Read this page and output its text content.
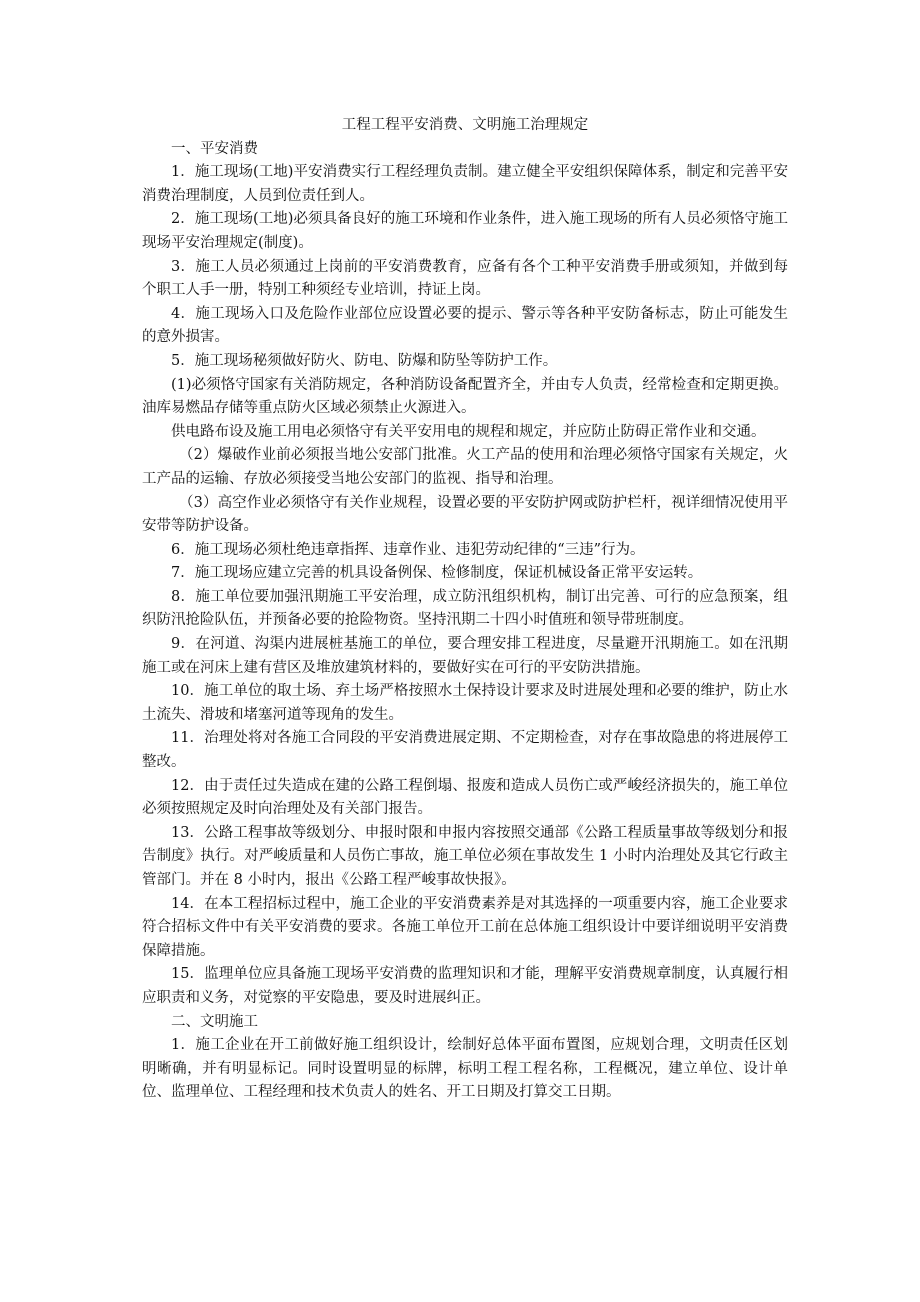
工程工程平安消费、文明施工治理规定

一、平安消费

1．施工现场(工地)平安消费实行工程经理负责制。建立健全平安组织保障体系，制定和完善平安消费治理制度，人员到位责任到人。

2．施工现场(工地)必须具备良好的施工环境和作业条件，进入施工现场的所有人员必须恪守施工现场平安治理规定(制度)。

3．施工人员必须通过上岗前的平安消费教育，应备有各个工种平安消费手册或须知，并做到每个职工人手一册，特别工种须经专业培训，持证上岗。

4．施工现场入口及危险作业部位应设置必要的提示、警示等各种平安防备标志，防止可能发生的意外损害。

5．施工现场秘须做好防火、防电、防爆和防坠等防护工作。

(1)必须恪守国家有关消防规定，各种消防设备配置齐全，并由专人负责，经常检查和定期更换。油库易燃品存储等重点防火区域必须禁止火源进入。

供电路布设及施工用电必须恪守有关平安用电的规程和规定，并应防止防碍正常作业和交通。

（2）爆破作业前必须报当地公安部门批准。火工产品的使用和治理必须恪守国家有关规定，火工产品的运输、存放必须接受当地公安部门的监视、指导和治理。

（3）高空作业必须恪守有关作业规程，设置必要的平安防护网或防护栏杆，视详细情况使用平安带等防护设备。

6．施工现场必须杜绝违章指挥、违章作业、违犯劳动纪律的“三违”行为。

7．施工现场应建立完善的机具设备例保、检修制度，保证机械设备正常平安运转。

8．施工单位要加强汛期施工平安治理，成立防汛组织机构，制订出完善、可行的应急预案，组织防汛抢险队伍，并预备必要的抢险物资。坚持汛期二十四小时值班和领导带班制度。

9．在河道、沟渠内进展桩基施工的单位，要合理安排工程进度，尽量避开汛期施工。如在汛期施工或在河床上建有营区及堆放建筑材料的，要做好实在可行的平安防洪措施。

10．施工单位的取土场、弃土场严格按照水土保持设计要求及时进展处理和必要的维护，防止水土流失、滑坡和堵塞河道等现角的发生。

11．治理处将对各施工合同段的平安消费进展定期、不定期检查，对存在事故隐患的将进展停工整改。

12．由于责任过失造成在建的公路工程倒塌、报废和造成人员伤亡或严峻经济损失的，施工单位必须按照规定及时向治理处及有关部门报告。

13．公路工程事故等级划分、申报时限和申报内容按照交通部《公路工程质量事故等级划分和报告制度》执行。对严峻质量和人员伤亡事故，施工单位必须在事故发生 1 小时内治理处及其它行政主管部门。并在 8 小时内，报出《公路工程严峻事故快报》。

14．在本工程招标过程中，施工企业的平安消费素养是对其选择的一项重要内容，施工企业要求符合招标文件中有关平安消费的要求。各施工单位开工前在总体施工组织设计中要详细说明平安消费保障措施。

15．监理单位应具备施工现场平安消费的监理知识和才能，理解平安消费规章制度，认真履行相应职责和义务，对觉察的平安隐患，要及时进展纠正。

二、文明施工

1．施工企业在开工前做好施工组织设计，绘制好总体平面布置图，应规划合理，文明责任区划明晰确，并有明显标记。同时设置明显的标牌，标明工程工程名称，工程概况，建立单位、设计单位、监理单位、工程经理和技术负责人的姓名、开工日期及打算交工日期。
